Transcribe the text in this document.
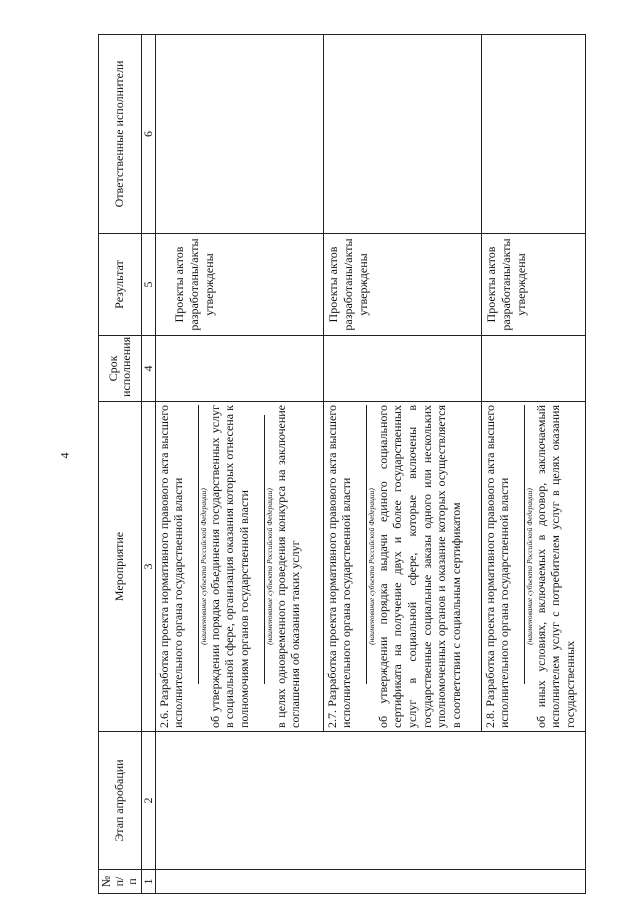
4
№ п/п	Этап апробации	Мероприятие	Срок исполнения	Результат	Ответственные исполнители
1	2	3	4	5	6

		2.6. Разработка проекта нормативного правового акта высшего исполнительного органа государственной власти (наименование субъекта Российской Федерации) об утверждении порядка объединения государственных услуг в социальной сфере, организация оказания которых отнесена к полномочиям органов государственной власти (наименование субъекта Российской Федерации) в целях одновременного проведения конкурса на заключение соглашения об оказании таких услуг		Проекты актов разработаны/акты утверждены	

		2.7. Разработка проекта нормативного правового акта высшего исполнительного органа государственной власти (наименование субъекта Российской Федерации) об утверждении порядка выдачи единого социального сертификата на получение двух и более государственных услуг в социальной сфере, которые включены в государственные социальные заказы одного или нескольких уполномоченных органов и оказание которых осуществляется в соответствии с социальным сертификатом		Проекты актов разработаны/акты утверждены	

		2.8. Разработка проекта нормативного правового акта высшего исполнительного органа государственной власти (наименование субъекта Российской Федерации) об иных условиях, включаемых в договор, заключаемый исполнителем услуг с потребителем услуг в целях оказания государственных		Проекты актов разработаны/акты утверждены	
